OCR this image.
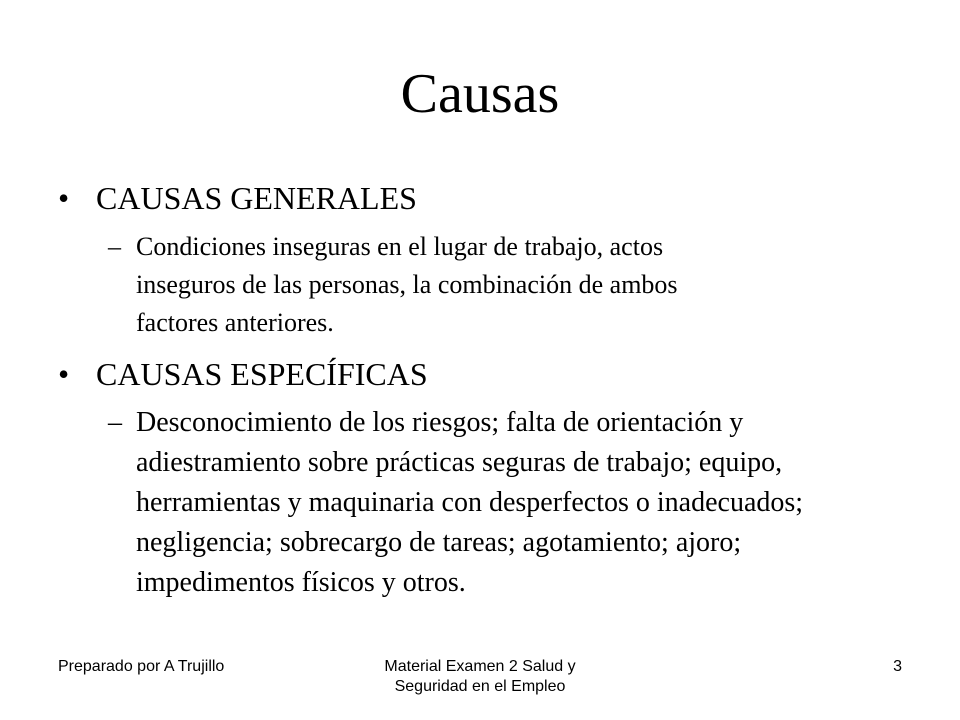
Causas
• CAUSAS GENERALES
– Condiciones inseguras en el lugar de trabajo, actos
inseguros de las personas, la combinación de ambos
factores anteriores.
• CAUSAS ESPECÍFICAS
– Desconocimiento de los riesgos; falta de orientación y
adiestramiento sobre prácticas seguras de trabajo; equipo,
herramientas y maquinaria con desperfectos o inadecuados;
negligencia; sobrecargo de tareas; agotamiento; ajoro;
impedimentos físicos y otros.
Preparado por A Trujillo	Material Examen 2 Salud y
Seguridad en el Empleo
3
